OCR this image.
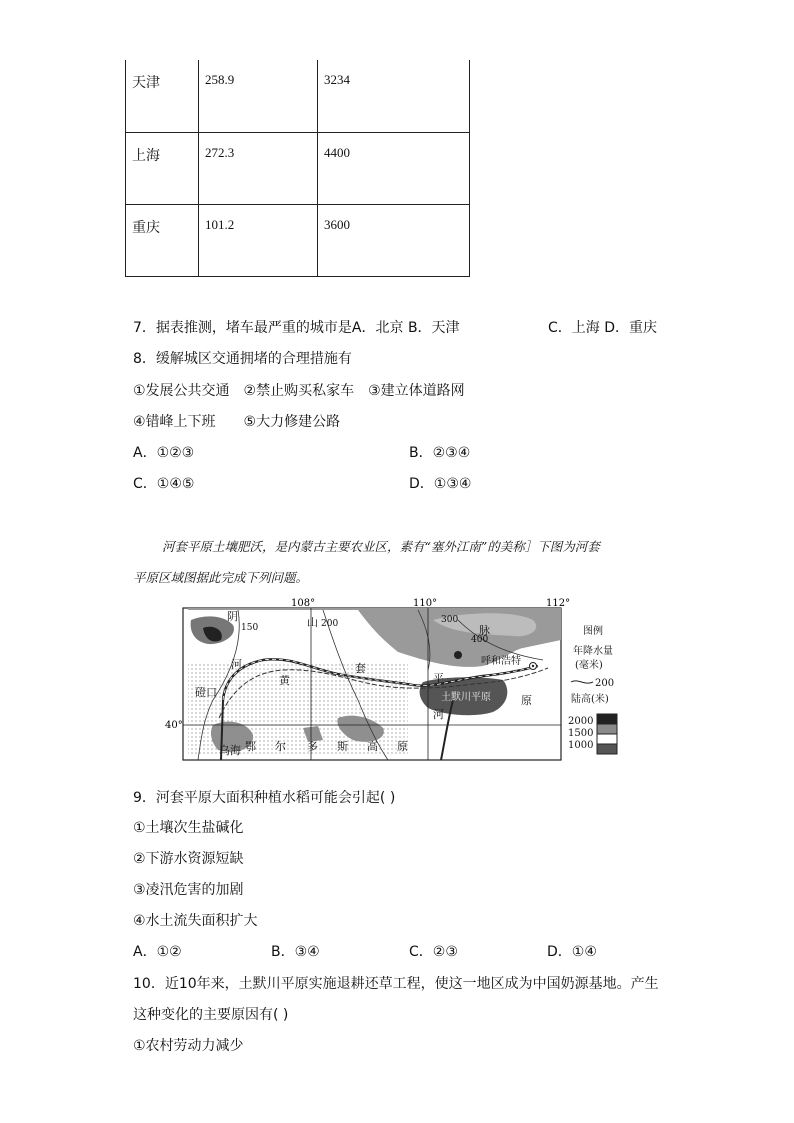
天津	258.9	3234
上海	272.3	4400
重庆	101.2	3600
7．据表推测，堵车最严重的城市是A．北京 B．天津	C．上海 D．重庆
8．缓解城区交通拥堵的合理措施有
①发展公共交通　②禁止购买私家车　③建立体道路网
④错峰上下班　　⑤大力修建公路
A．①②③	B．②③④
C．①④⑤	D．①③④
河套平原土壤肥沃，是内蒙古主要农业区，素有“塞外江南”的美称］下图为河套
平原区域图据此完成下列问题。
108°	110°	112°
阴	山
脉
河
黄
套
平
原
河
磴口
乌海
呼和浩特
土默川平原
鄂 尔 多 斯 高 原
150	200	300
400
40°
图例
年降水量
(毫米)
200
陆高(米)
2000
1500
1000
9．河套平原大面积种植水稻可能会引起( )
①土壤次生盐碱化
②下游水资源短缺
③凌汛危害的加剧
④水土流失面积扩大
A．①②	B．③④	C．②③	D．①④
10．近10年来，土默川平原实施退耕还草工程，使这一地区成为中国奶源基地。产生
这种变化的主要原因有( )
①农村劳动力减少
